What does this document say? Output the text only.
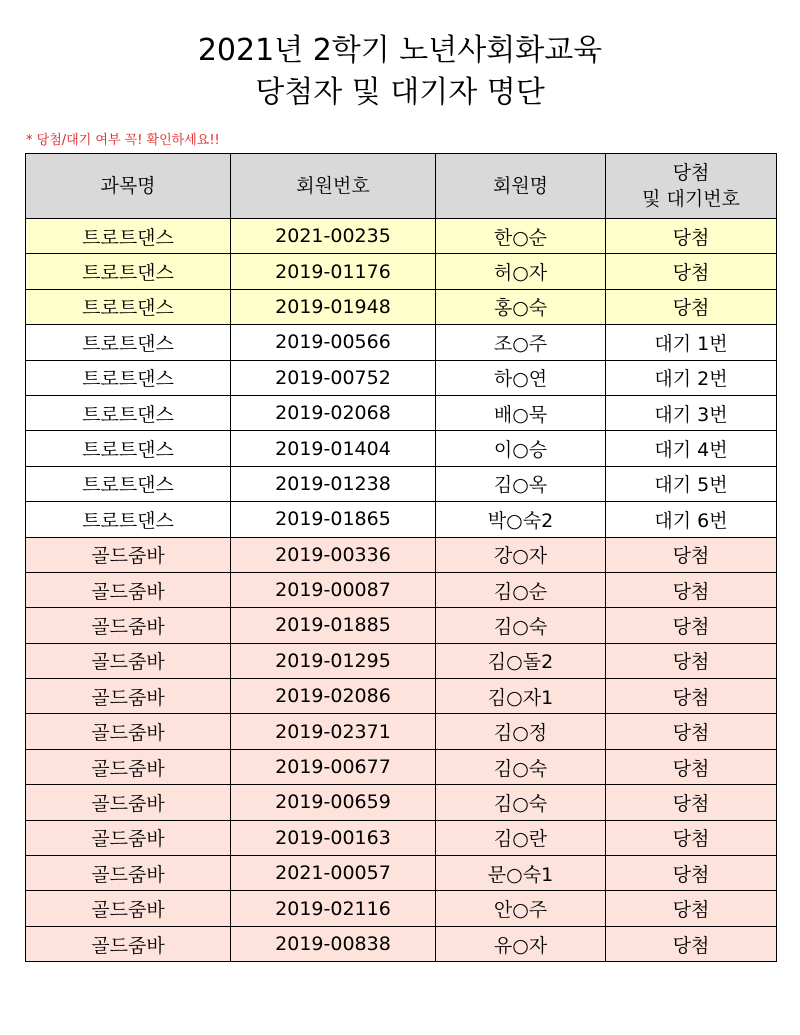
2021년 2학기 노년사회화교육
당첨자 및 대기자 명단
* 당첨/대기 여부 꼭! 확인하세요!!
과목명	회원번호	회원명	당첨
및 대기번호

트로트댄스	2021-00235	한○순	당첨
트로트댄스	2019-01176	허○자	당첨
트로트댄스	2019-01948	홍○숙	당첨
트로트댄스	2019-00566	조○주	대기 1번
트로트댄스	2019-00752	하○연	대기 2번
트로트댄스	2019-02068	배○묵	대기 3번
트로트댄스	2019-01404	이○승	대기 4번
트로트댄스	2019-01238	김○옥	대기 5번
트로트댄스	2019-01865	박○숙2	대기 6번
골드줌바	2019-00336	강○자	당첨
골드줌바	2019-00087	김○순	당첨
골드줌바	2019-01885	김○숙	당첨
골드줌바	2019-01295	김○돌2	당첨
골드줌바	2019-02086	김○자1	당첨
골드줌바	2019-02371	김○정	당첨
골드줌바	2019-00677	김○숙	당첨
골드줌바	2019-00659	김○숙	당첨
골드줌바	2019-00163	김○란	당첨
골드줌바	2021-00057	문○숙1	당첨
골드줌바	2019-02116	안○주	당첨
골드줌바	2019-00838	유○자	당첨
